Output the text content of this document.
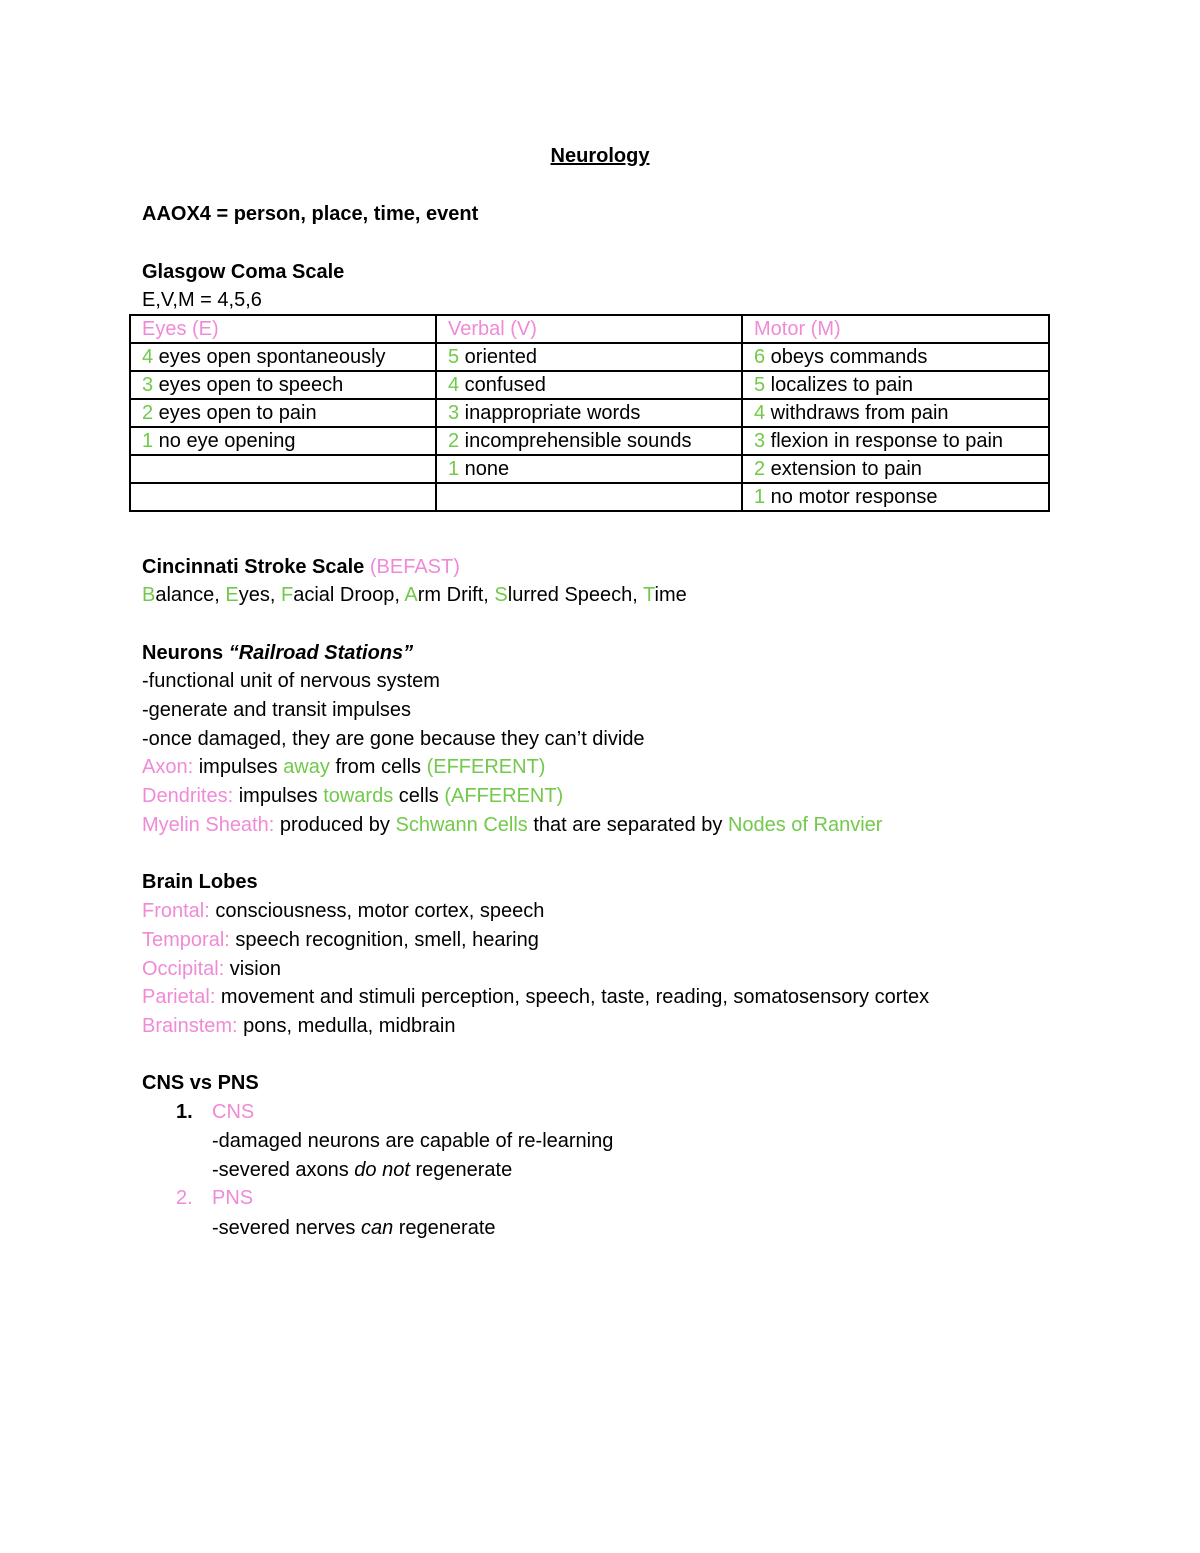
Neurology
AAOX4 = person, place, time, event
Glasgow Coma Scale
E,V,M = 4,5,6
Eyes (E)	Verbal (V)	Motor (M)
4 eyes open spontaneously	5 oriented	6 obeys commands
3 eyes open to speech	4 confused	5 localizes to pain
2 eyes open to pain	3 inappropriate words	4 withdraws from pain
1 no eye opening	2 incomprehensible sounds	3 flexion in response to pain
	1 none	2 extension to pain
		1 no motor response
Cincinnati Stroke Scale (BEFAST)
Balance, Eyes, Facial Droop, Arm Drift, Slurred Speech, Time
Neurons “Railroad Stations”
-functional unit of nervous system
-generate and transit impulses
-once damaged, they are gone because they can’t divide
Axon: impulses away from cells (EFFERENT)
Dendrites: impulses towards cells (AFFERENT)
Myelin Sheath: produced by Schwann Cells that are separated by Nodes of Ranvier
Brain Lobes
Frontal: consciousness, motor cortex, speech
Temporal: speech recognition, smell, hearing
Occipital: vision
Parietal: movement and stimuli perception, speech, taste, reading, somatosensory cortex
Brainstem: pons, medulla, midbrain
CNS vs PNS
1. CNS
-damaged neurons are capable of re-learning
-severed axons do not regenerate
2. PNS
-severed nerves can regenerate
